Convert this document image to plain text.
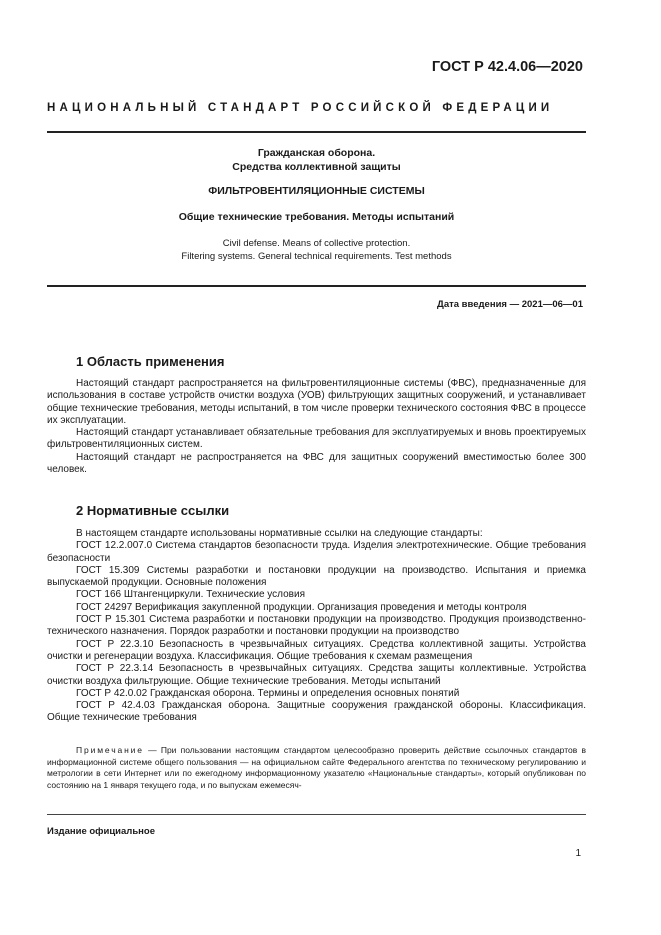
ГОСТ Р 42.4.06—2020
НАЦИОНАЛЬНЫЙ СТАНДАРТ РОССИЙСКОЙ ФЕДЕРАЦИИ
Гражданская оборона.
Средства коллективной защиты
ФИЛЬТРОВЕНТИЛЯЦИОННЫЕ СИСТЕМЫ
Общие технические требования. Методы испытаний
Civil defense. Means of collective protection.
Filtering systems. General technical requirements. Test methods
Дата введения — 2021—06—01
1 Область применения

Настоящий стандарт распространяется на фильтровентиляционные системы (ФВС), предназначенные для использования в составе устройств очистки воздуха (УОВ) фильтрующих защитных сооружений, и устанавливает общие технические требования, методы испытаний, в том числе проверки технического состояния ФВС в процессе их эксплуатации.

Настоящий стандарт устанавливает обязательные требования для эксплуатируемых и вновь проектируемых фильтровентиляционных систем.

Настоящий стандарт не распространяется на ФВС для защитных сооружений вместимостью более 300 человек.

2 Нормативные ссылки

В настоящем стандарте использованы нормативные ссылки на следующие стандарты:

ГОСТ 12.2.007.0 Система стандартов безопасности труда. Изделия электротехнические. Общие требования безопасности

ГОСТ 15.309 Системы разработки и постановки продукции на производство. Испытания и приемка выпускаемой продукции. Основные положения

ГОСТ 166 Штангенциркули. Технические условия

ГОСТ 24297 Верификация закупленной продукции. Организация проведения и методы контроля

ГОСТ Р 15.301 Система разработки и постановки продукции на производство. Продукция производственно-технического назначения. Порядок разработки и постановки продукции на производство

ГОСТ Р 22.3.10 Безопасность в чрезвычайных ситуациях. Средства коллективной защиты. Устройства очистки и регенерации воздуха. Классификация. Общие требования к схемам размещения

ГОСТ Р 22.3.14 Безопасность в чрезвычайных ситуациях. Средства защиты коллективные. Устройства очистки воздуха фильтрующие. Общие технические требования. Методы испытаний

ГОСТ Р 42.0.02 Гражданская оборона. Термины и определения основных понятий

ГОСТ Р 42.4.03 Гражданская оборона. Защитные сооружения гражданской обороны. Классификация. Общие технические требования

Примечание — При пользовании настоящим стандартом целесообразно проверить действие ссылочных стандартов в информационной системе общего пользования — на официальном сайте Федерального агентства по техническому регулированию и метрологии в сети Интернет или по ежегодному информационному указателю «Национальные стандарты», который опубликован по состоянию на 1 января текущего года, и по выпускам ежемесяч-

Издание официальное
1
